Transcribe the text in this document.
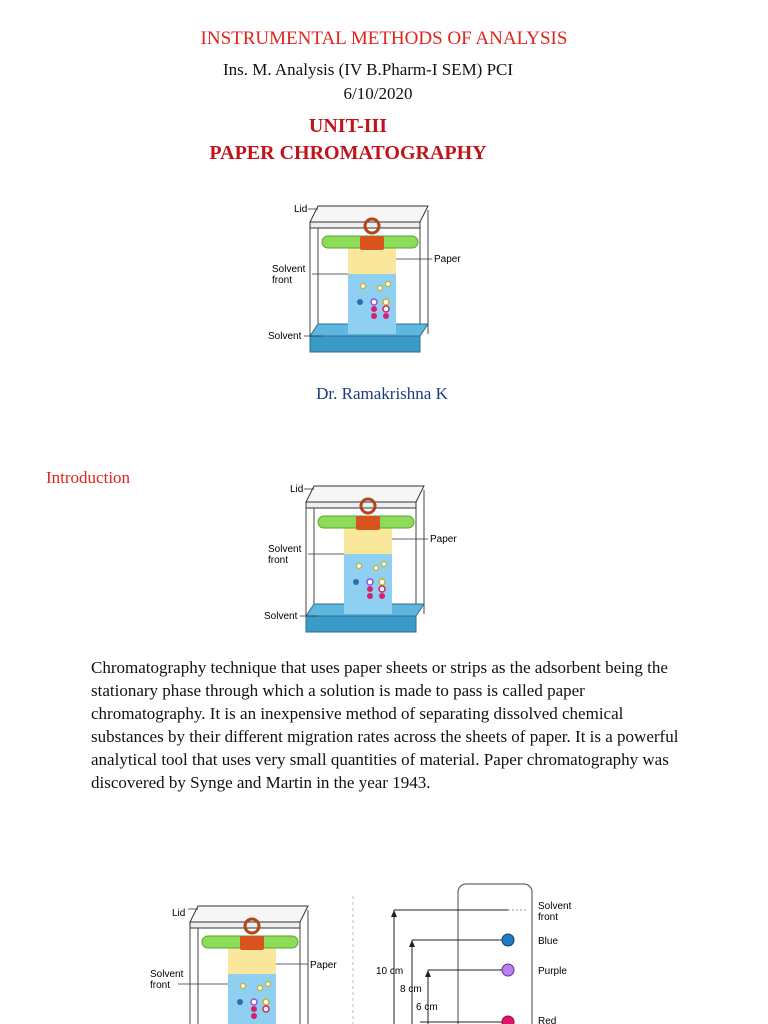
INSTRUMENTAL METHODS OF ANALYSIS
Ins. M. Analysis (IV B.Pharm-I SEM) PCI
6/10/2020
UNIT-III
PAPER CHROMATOGRAPHY
Lid
Paper
Solvent
front
Solvent
Dr. Ramakrishna K
Introduction
Lid
Paper
Solvent
front
Solvent
Chromatography technique that uses paper sheets or strips as the adsorbent being the stationary phase through which a solution is made to pass is called paper chromatography. It is an inexpensive method of separating dissolved chemical substances by their different migration rates across the sheets of paper. It is a powerful analytical tool that uses very small quantities of material. Paper chromatography was discovered by Synge and Martin in the year 1943.
Lid
Paper
Solvent
front
Solvent
front
Blue
Purple
Red
10 cm
8 cm
6 cm
